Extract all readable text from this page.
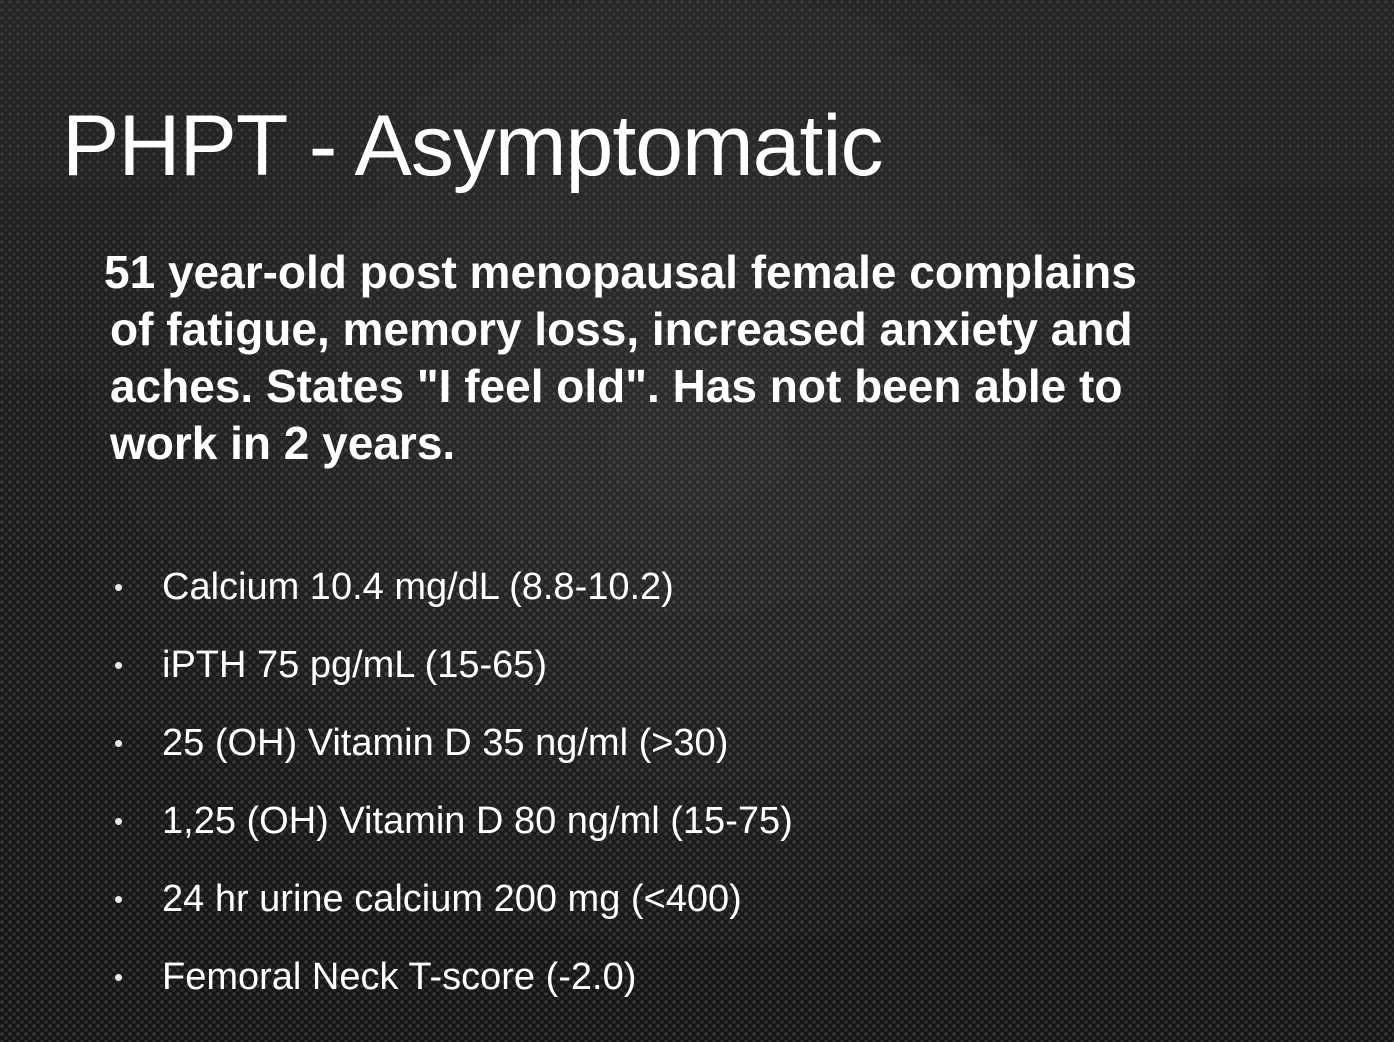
PHPT - Asymptomatic

51 year-old post menopausal female complains
of fatigue, memory loss, increased anxiety and
aches. States "I feel old". Has not been able to
work in 2 years.

•	Calcium 10.4 mg/dL (8.8-10.2)
•	iPTH 75 pg/mL (15-65)
•	25 (OH) Vitamin D 35 ng/ml (>30)
•	1,25 (OH) Vitamin D 80 ng/ml (15-75)
•	24 hr urine calcium 200 mg (<400)
•	Femoral Neck T-score (-2.0)
